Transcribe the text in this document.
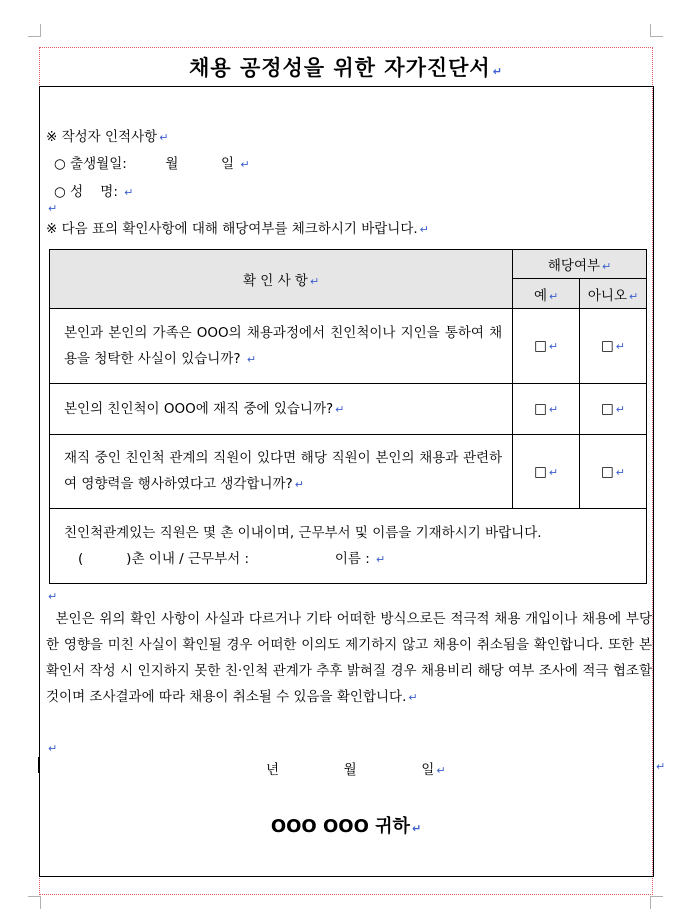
채용 공정성을 위한 자가진단서 ↵
※ 작성자 인적사항 ↵
○ 출생월일:	월	일 ↵
○ 성    명: ↵
↵
※ 다음 표의 확인사항에 대해 해당여부를 체크하시기 바랍니다. ↵
확 인 사 항 ↵	해당여부 ↵	
	예 ↵	아니오 ↵
본인과 본인의 가족은 OOO의 채용과정에서 친인척이나 지인을 통하여 채용을 청탁한 사실이 있습니까? ↵	□ ↵	□ ↵
본인의 친인척이 OOO에 재직 중에 있습니까? ↵	□ ↵	□ ↵
재직 중인 친인척 관계의 직원이 있다면 해당 직원이 본인의 채용과 관련하여 영향력을 행사하였다고 생각합니까? ↵	□ ↵	□ ↵

친인척관계있는 직원은 몇 촌 이내이며, 근무부서 및 이름을 기재하시기 바랍니다.
(          )촌 이내 / 근무부서 :                    이름 : ↵		
↵
본인은 위의 확인 사항이 사실과 다르거나 기타 어떠한 방식으로든 적극적 채용 개입이나 채용에 부당한 영향을 미친 사실이 확인될 경우 어떠한 이의도 제기하지 않고 채용이 취소됨을 확인합니다. 또한 본 확인서 작성 시 인지하지 못한 친·인척 관계가 추후 밝혀질 경우 채용비리 해당 여부 조사에 적극 협조할 것이며 조사결과에 따라 채용이 취소될 수 있음을 확인합니다. ↵
↵
년	월	일 ↵	↵
OOO OOO 귀하 ↵
